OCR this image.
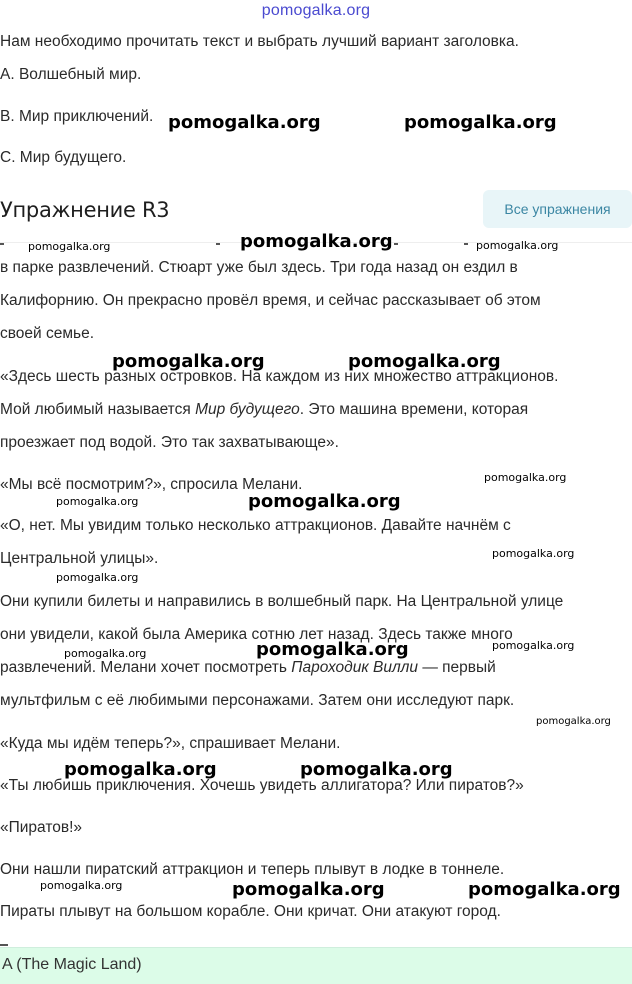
pomogalka.org
Нам необходимо прочитать текст и выбрать лучший вариант заголовка.
A. Волшебный мир.
B. Мир приключений.
C. Мир будущего.
Упражнение R3	Все упражнения
в парке развлечений. Стюарт уже был здесь. Три года назад он ездил в
Калифорнию. Он прекрасно провёл время, и сейчас рассказывает об этом
своей семье.
«Здесь шесть разных островков. На каждом из них множество аттракционов.
Мой любимый называется Мир будущего. Это машина времени, которая
проезжает под водой. Это так захватывающе».
«Мы всё посмотрим?», спросила Мелани.
«О, нет. Мы увидим только несколько аттракционов. Давайте начнём с
Центральной улицы».
Они купили билеты и направились в волшебный парк. На Центральной улице
они увидели, какой была Америка сотню лет назад. Здесь также много
развлечений. Мелани хочет посмотреть Пароходик Вилли — первый
мультфильм с её любимыми персонажами. Затем они исследуют парк.
«Куда мы идём теперь?», спрашивает Мелани.
«Ты любишь приключения. Хочешь увидеть аллигатора? Или пиратов?»
«Пиратов!»
Они нашли пиратский аттракцион и теперь плывут в лодке в тоннеле.
Пираты плывут на большом корабле. Они кричат. Они атакуют город.
A (The Magic Land)
pomogalka.org	pomogalka.org
pomogalka.org	pomogalka.org	pomogalka.org
pomogalka.org	pomogalka.org
pomogalka.org
pomogalka.org	pomogalka.org
pomogalka.org
pomogalka.org
pomogalka.org	pomogalka.org	pomogalka.org
pomogalka.org
pomogalka.org	pomogalka.org
pomogalka.org	pomogalka.org	pomogalka.org
